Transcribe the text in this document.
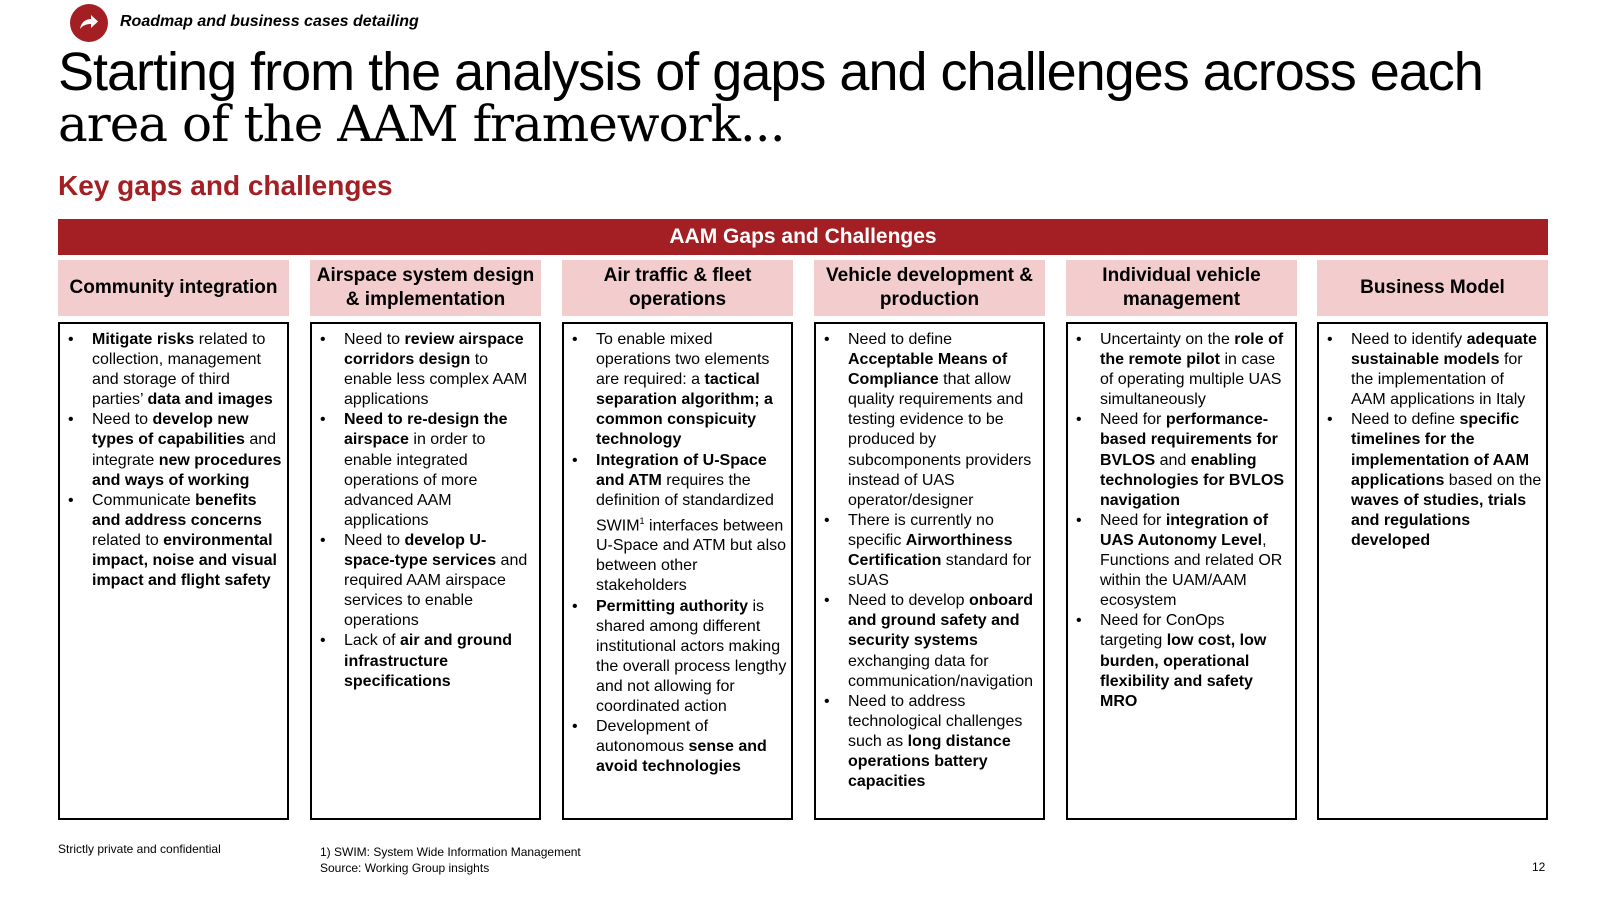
Roadmap and business cases detailing
Starting from the analysis of gaps and challenges across each
area of the AAM framework...
Key gaps and challenges
AAM Gaps and Challenges
Community integration
Airspace system design & implementation
Air traffic & fleet operations
Vehicle development & production
Individual vehicle management
Business Model
• Mitigate risks related to collection, management and storage of third parties’ data and images
• Need to develop new types of capabilities and integrate new procedures and ways of working
• Communicate benefits and address concerns related to environmental impact, noise and visual impact and flight safety
• Need to review airspace corridors design to enable less complex AAM applications
• Need to re-design the airspace in order to enable integrated operations of more advanced AAM applications
• Need to develop U-space-type services and required AAM airspace services to enable operations
• Lack of air and ground infrastructure specifications
• To enable mixed operations two elements are required: a tactical separation algorithm; a common conspicuity technology
• Integration of U-Space and ATM requires the definition of standardized SWIM$^1$ interfaces between U-Space and ATM but also between other stakeholders
• Permitting authority is shared among different institutional actors making the overall process lengthy and not allowing for coordinated action
• Development of autonomous sense and avoid technologies
• Need to define Acceptable Means of Compliance that allow quality requirements and testing evidence to be produced by subcomponents providers instead of UAS operator/designer
• There is currently no specific Airworthiness Certification standard for sUAS
• Need to develop onboard and ground safety and security systems exchanging data for communication/navigation
• Need to address technological challenges such as long distance operations battery capacities
• Uncertainty on the role of the remote pilot in case of operating multiple UAS simultaneously
• Need for performance-based requirements for BVLOS and enabling technologies for BVLOS navigation
• Need for integration of UAS Autonomy Level, Functions and related OR within the UAM/AAM ecosystem
• Need for ConOps targeting low cost, low burden, operational flexibility and safety MRO
• Need to identify adequate sustainable models for the implementation of AAM applications in Italy
• Need to define specific timelines for the implementation of AAM applications based on the waves of studies, trials and regulations developed
Strictly private and confidential	1) SWIM: System Wide Information Management
Source: Working Group insights	12
